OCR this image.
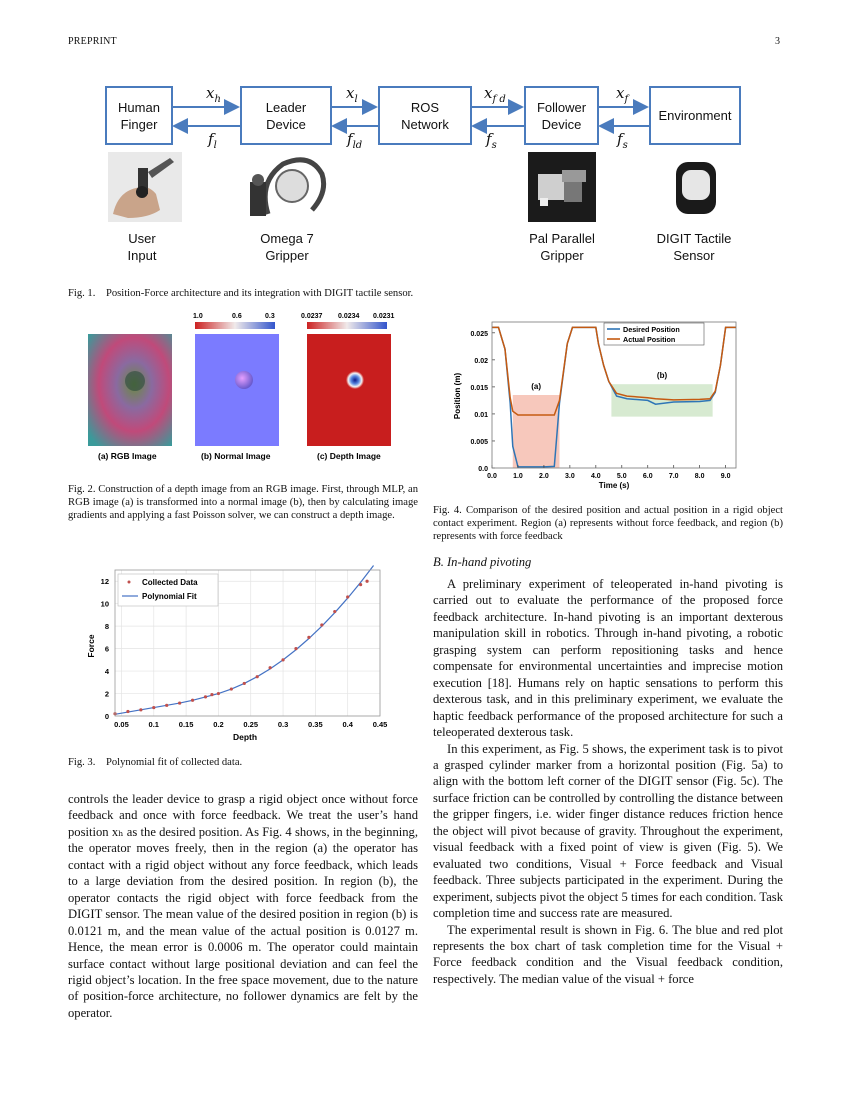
PREPRINT	3
Human
Finger
Leader
Device
ROS
Network
Follower
Device
Environment
$x_h$	$x_l$	$x_{f d}$	$x_f$
$f_l$	$f_{ld}$	$f_s$	$f_s$
User
Input
Omega 7
Gripper
Pal Parallel
Gripper
DIGIT Tactile
Sensor
Fig. 1.    Position-Force architecture and its integration with DIGIT tactile sensor.
1.0	0.6	0.3	0.0237 0.0234 0.0231
(a) RGB Image	(b) Normal Image	(c) Depth Image
Fig. 2. Construction of a depth image from an RGB image. First, through MLP, an RGB image (a) is transformed into a normal image (b), then by calculating image gradients and applying a fast Poisson solver, we can construct a depth image.
0.05	0.1	0.15	0.2	0.25	0.3	0.35	0.4	0.45
0
2
4
6
8
10
12	Collected Data
Polynomial Fit
Depth
Force
Fig. 3.    Polynomial fit of collected data.
(a)
(b)
0.0 1.0 2.0 3.0 4.0 5.0 6.0 7.0 8.0 9.0
0.0
0.005
0.01
0.015
0.02
0.025
Desired Position
Actual Position
Time (s)
Position (m)
Fig. 4. Comparison of the desired position and actual position in a rigid object contact experiment. Region (a) represents without force feedback, and region (b) represents with force feedback
B. In-hand pivoting

A preliminary experiment of teleoperated in-hand pivoting is carried out to evaluate the performance of the proposed force feedback architecture. In-hand pivoting is an important dexterous manipulation skill in robotics. Through in-hand pivoting, a robotic grasping system can perform repositioning tasks and hence compensate for environmental uncertainties and imprecise motion execution [18]. Humans rely on haptic sensations to perform this dexterous task, and in this preliminary experiment, we evaluate the haptic feedback performance of the proposed architecture for such a teleoperated dexterous task.

In this experiment, as Fig. 5 shows, the experiment task is to pivot a grasped cylinder marker from a horizontal position (Fig. 5a) to align with the bottom left corner of the DIGIT sensor (Fig. 5c). The surface friction can be controlled by controlling the distance between the gripper fingers, i.e. wider finger distance reduces friction hence the object will pivot because of gravity. Throughout the experiment, visual feedback with a fixed point of view is given (Fig. 5). We evaluated two conditions, Visual + Force feedback and Visual feedback. Three subjects participated in the experiment. During the experiment, subjects pivot the object 5 times for each condition. Task completion time and success rate are measured.

The experimental result is shown in Fig. 6. The blue and red plot represents the box chart of task completion time for the Visual + Force feedback condition and the Visual feedback condition, respectively. The median value of the visual + force

controls the leader device to grasp a rigid object once without force feedback and once with force feedback. We treat the user’s hand position xₕ as the desired position. As Fig. 4 shows, in the beginning, the operator moves freely, then in the region (a) the operator has contact with a rigid object without any force feedback, which leads to a large deviation from the desired position. In region (b), the operator contacts the rigid object with force feedback from the DIGIT sensor. The mean value of the desired position in region (b) is 0.0121 m, and the mean value of the actual position is 0.0127 m. Hence, the mean error is 0.0006 m. The operator could maintain surface contact without large positional deviation and can feel the rigid object’s location. In the free space movement, due to the nature of position-force architecture, no follower dynamics are felt by the operator.
